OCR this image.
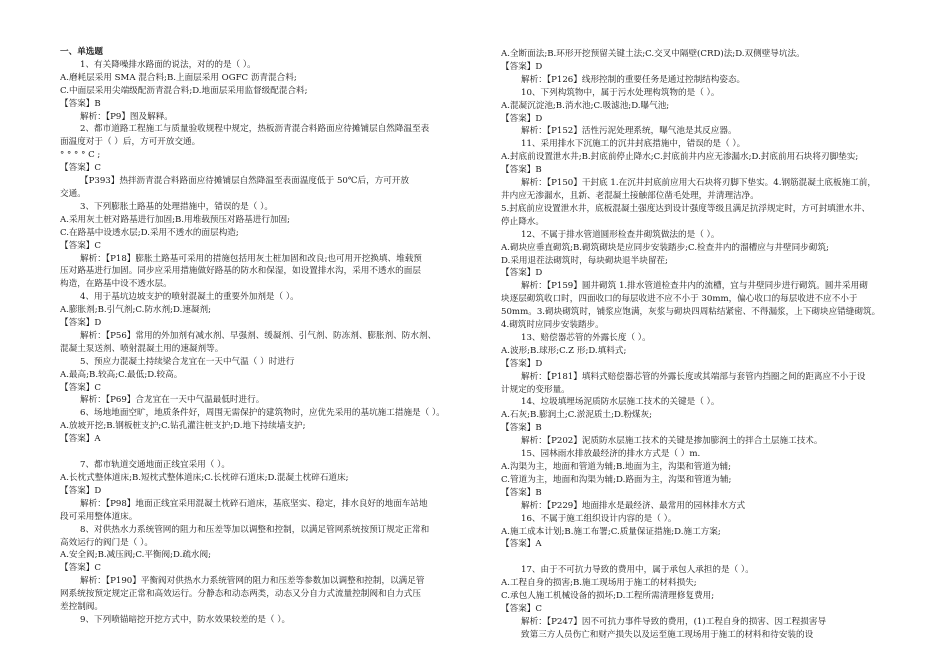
一、单选题
1、有关降噪排水路面的说法，对的的是（ ）。
A.磨耗层采用 SMA 混合料;B.上面层采用 OGFC 沥青混合料;
C.中面层采用尖端级配沥青混合料;D.地面层采用监督级配混合料;
【答案】B
解析：【P9】图及解释。
2、都市道路工程施工与质量验收规程中规定，热板沥青混合料路面应待摊铺层自然降温至表
面温度对于（ ）后，方可开放交通。
° ° ° ° C ;
【答案】C
【P393】热拌沥青混合料路面应待摊铺层自然降温至表面温度低于 50℃后，方可开放
交通。
3、下列膨胀土路基的处理措施中，错误的是（ ）。
A.采用灰土桩对路基进行加固;B.用堆载预压对路基进行加固;
C.在路基中设透水层;D.采用不透水的面层构造;
【答案】C
解析：【P18】膨胀土路基可采用的措施包括用灰土桩加固和改良;也可用开挖换填、堆载预
压对路基进行加固。同步应采用措施做好路基的防水和保湿，如设置排水沟，采用不透水的面层
构造，在路基中设不透水层。
4、用于基坑边坡支护的喷射混凝土的重要外加剂是（ ）。
A.膨胀剂;B.引气剂;C.防水剂;D.速凝剂;
【答案】D
解析：【P56】常用的外加剂有减水剂、早强剂、缓凝剂、引气剂、防冻剂、膨胀剂、防水剂、
混凝土泵送剂、喷射混凝土用的速凝剂等。
5、预应力混凝土持续梁合龙宜在一天中气温（ ）时进行
A.最高;B.较高;C.最低;D.较高。
【答案】C
解析：【P69】合龙宜在一天中气温最低时进行。
6、场地地面空旷，地质条件好，周围无需保护的建筑物时，应优先采用的基坑施工措施是（ ）。
A.放坡开挖;B.钢板桩支护;C.钻孔灌注桩支护;D.地下持续墙支护;
【答案】A
7、都市轨道交通地面正线宜采用（ ）。
A.长枕式整体道床;B.短枕式整体道床;C.长枕碎石道床;D.混凝土枕碎石道床;
【答案】D
解析：【P98】地面正线宜采用混凝土枕碎石道床，基底坚实、稳定，排水良好的地面车站地
段可采用整体道床。
8、对供热水力系统管网的阻力和压差等加以调整和控制，以满足管网系统按预订规定正常和
高效运行的阀门是（ ）。
A.安全阀;B.减压阀;C.平衡阀;D.疏水阀;
【答案】C
解析：【P190】平衡阀对供热水力系统管网的阻力和压差等参数加以调整和控制，以满足管
网系统按预定规定正常和高效运行。分静态和动态两类，动态又分自力式流量控制阀和自力式压
差控制阀。
9、下列喷锚暗挖开挖方式中，防水效果较差的是（ ）。
A.全断面法;B.环形开挖预留关键土法;C.交叉中隔壁(CRD)法;D.双侧壁导坑法。
【答案】D
解析：【P126】线形控制的重要任务是通过控制结构姿态。
10、下列构筑物中，属于污水处理构筑物的是（ ）。
A.混凝沉淀池;B.消水池;C.吸滤池;D.曝气池;
【答案】D
解析：【P152】活性污泥处理系统，曝气池是其反应器。
11、采用排水下沉施工的沉井封底措施中，错误的是（ ）。
A.封底前设置泄水井;B.封底前停止降水;C.封底前井内应无渗漏水;D.封底前用石块将刃脚垫实;
【答案】B
解析：【P150】干封底 1.在沉井封底前应用大石块将刃脚下垫实。4.钢筋混凝土底板施工前，
井内应无渗漏水，且新、老混凝土接触部位凿毛处理，并清理洁净。
5.封底前应设置泄水井，底板混凝土强度达到设计强度等级且满足抗浮规定时，方可封填泄水井、
停止降水。
12、不属于排水管道圆形检查井砌筑做法的是（ ）。
A.砌块应垂直砌筑;B.砌筑砌块是应同步安装踏步;C.检查井内的溜槽应与井壁同步砌筑;
D.采用退茬法砌筑时，每块砌块退半块留茬;
【答案】D
解析：【P159】圆井砌筑 1.排水管道检查井内的流槽，宜与井壁同步进行砌筑。圆井采用砌
块逐层砌筑收口时，四面收口的每层收进不应不小于 30mm，偏心收口的每层收进不应不小于
50mm。3.砌块砌筑时，铺浆应饱满，灰浆与砌块四周粘结紧密、不得漏浆，上下砌块应错缝砌筑。
4.砌筑时应同步安装踏步。
13、赔偿器芯管的外露长度（ ）。
A.波形;B.球形;C.Z 形;D.填料式;
【答案】D
解析：【P181】填料式赔偿器芯管的外露长度或其端部与套管内挡圈之间的距离应不小于设
计规定的变形量。
14、垃圾填埋场泥质防水层施工技术的关键是（ ）。
A.石灰;B.膨润土;C.淤泥质土;D.粉煤灰;
【答案】B
解析：【P202】泥质防水层施工技术的关键是掺加膨润土的拌合土层施工技术。
15、园林雨水排放最经济的排水方式是（ ）m.
A.沟渠为主，地面和管道为辅;B.地面为主，沟渠和管道为辅;
C.管道为主，地面和沟渠为辅;D.路面为主，沟渠和管道为辅;
【答案】B
解析：【P229】地面排水是最经济、最常用的园林排水方式
16、不属于施工组织设计内容的是（ ）。
A.施工成本计划;B.施工布署;C.质量保证措施;D.施工方案;
【答案】A
17、由于不可抗力导致的费用中，属于承包人承担的是（ ）。
A.工程自身的损害;B.施工现场用于施工的材料损失;
C.承包人施工机械设备的损坏;D.工程所需清理修复费用;
【答案】C
解析：【P247】因不可抗力事件导致的费用，(1)工程自身的损害、因工程损害导
致第三方人员伤亡和财产损失以及运至施工现场用于施工的材料和待安装的设
